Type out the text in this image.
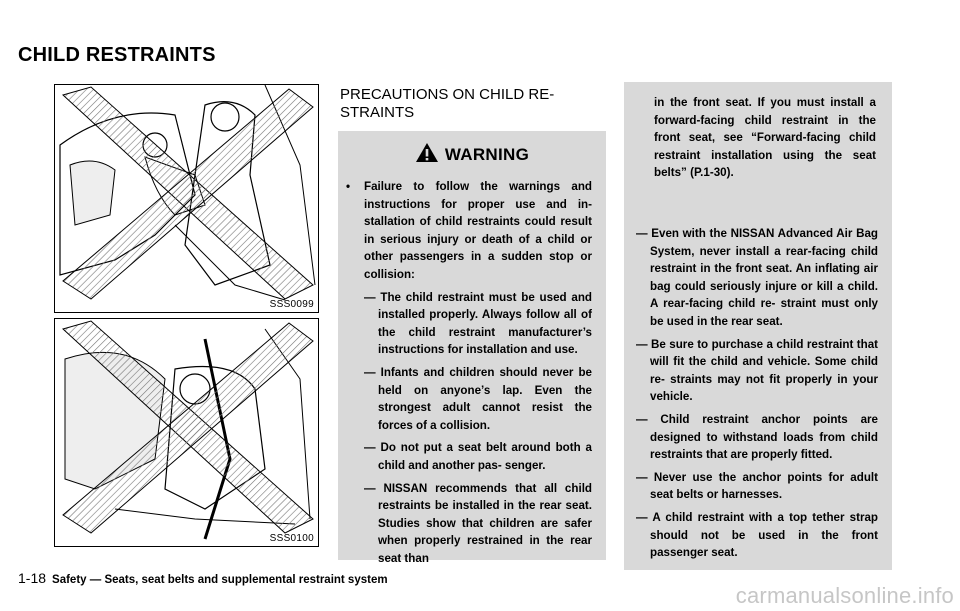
CHILD RESTRAINTS
SSS0099
SSS0100
PRECAUTIONS ON CHILD RE- STRAINTS
WARNING
• Failure to follow the warnings and instructions for proper use and in- stallation of child restraints could result in serious injury or death of a child or other passengers in a sudden stop or collision:
— The child restraint must be used and installed properly. Always follow all of the child restraint manufacturer’s instructions for installation and use.
— Infants and children should never be held on anyone’s lap. Even the strongest adult cannot resist the forces of a collision.
— Do not put a seat belt around both a child and another pas- senger.
— NISSAN recommends that all child restraints be installed in the rear seat. Studies show that children are safer when properly restrained in the rear seat than
in the front seat. If you must install a forward-facing child restraint in the front seat, see “Forward-facing child restraint installation using the seat belts” (P.1-30).
— Even with the NISSAN Advanced Air Bag System, never install a rear-facing child restraint in the front seat. An inflating air bag could seriously injure or kill a child. A rear-facing child re- straint must only be used in the rear seat.
— Be sure to purchase a child restraint that will fit the child and vehicle. Some child re- straints may not fit properly in your vehicle.
— Child restraint anchor points are designed to withstand loads from child restraints that are properly fitted.
— Never use the anchor points for adult seat belts or harnesses.
— A child restraint with a top tether strap should not be used in the front passenger seat.
1-18 Safety — Seats, seat belts and supplemental restraint system
carmanualsonline.info
